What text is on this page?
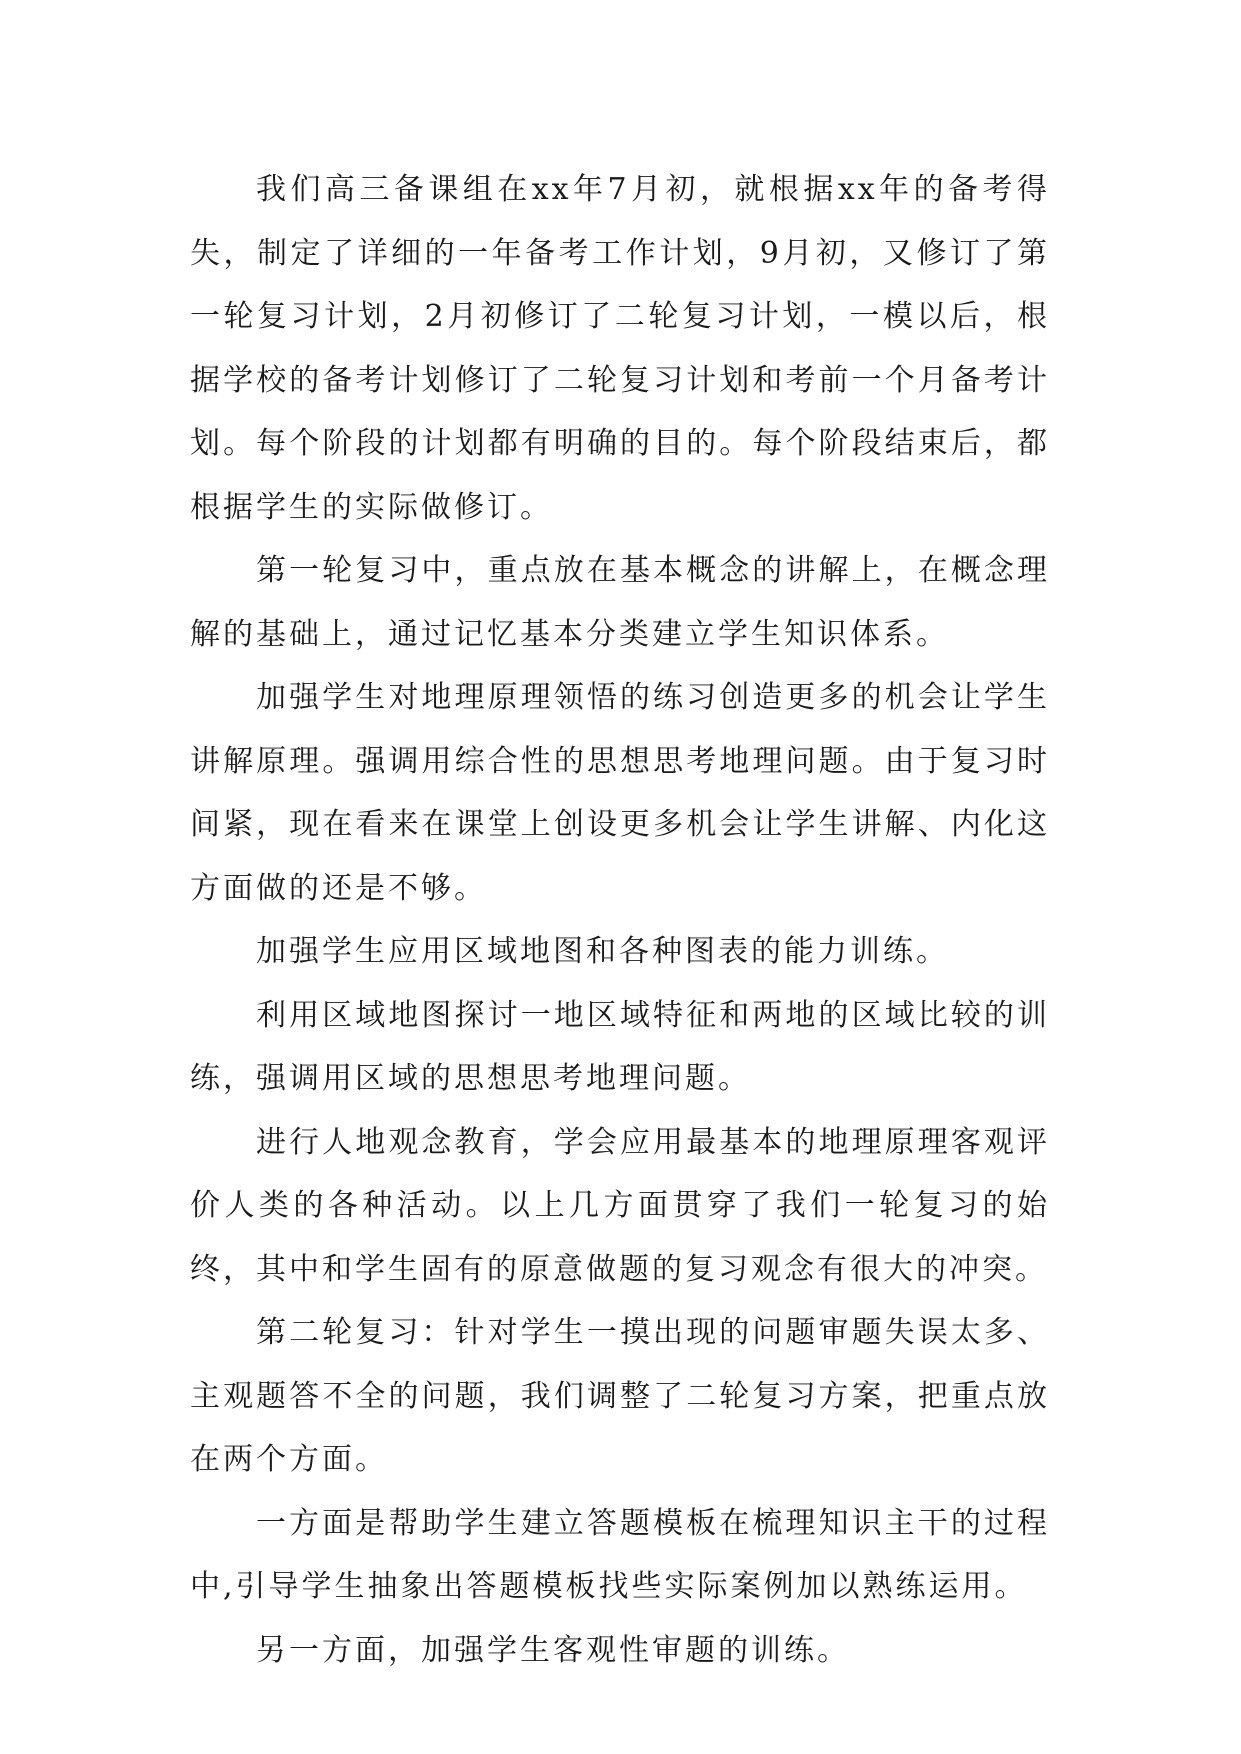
我们高三备课组在xx年7月初，就根据xx年的备考得失，制定了详细的一年备考工作计划，9月初，又修订了第一轮复习计划，2月初修订了二轮复习计划，一模以后，根据学校的备考计划修订了二轮复习计划和考前一个月备考计划。每个阶段的计划都有明确的目的。每个阶段结束后，都根据学生的实际做修订。

第一轮复习中，重点放在基本概念的讲解上，在概念理解的基础上，通过记忆基本分类建立学生知识体系。

加强学生对地理原理领悟的练习创造更多的机会让学生讲解原理。强调用综合性的思想思考地理问题。由于复习时间紧，现在看来在课堂上创设更多机会让学生讲解、内化这方面做的还是不够。

加强学生应用区域地图和各种图表的能力训练。

利用区域地图探讨一地区域特征和两地的区域比较的训练，强调用区域的思想思考地理问题。

进行人地观念教育，学会应用最基本的地理原理客观评价人类的各种活动。以上几方面贯穿了我们一轮复习的始终，其中和学生固有的原意做题的复习观念有很大的冲突。

第二轮复习：针对学生一摸出现的问题审题失误太多、主观题答不全的问题，我们调整了二轮复习方案，把重点放在两个方面。

一方面是帮助学生建立答题模板在梳理知识主干的过程中,引导学生抽象出答题模板找些实际案例加以熟练运用。

另一方面，加强学生客观性审题的训练。
